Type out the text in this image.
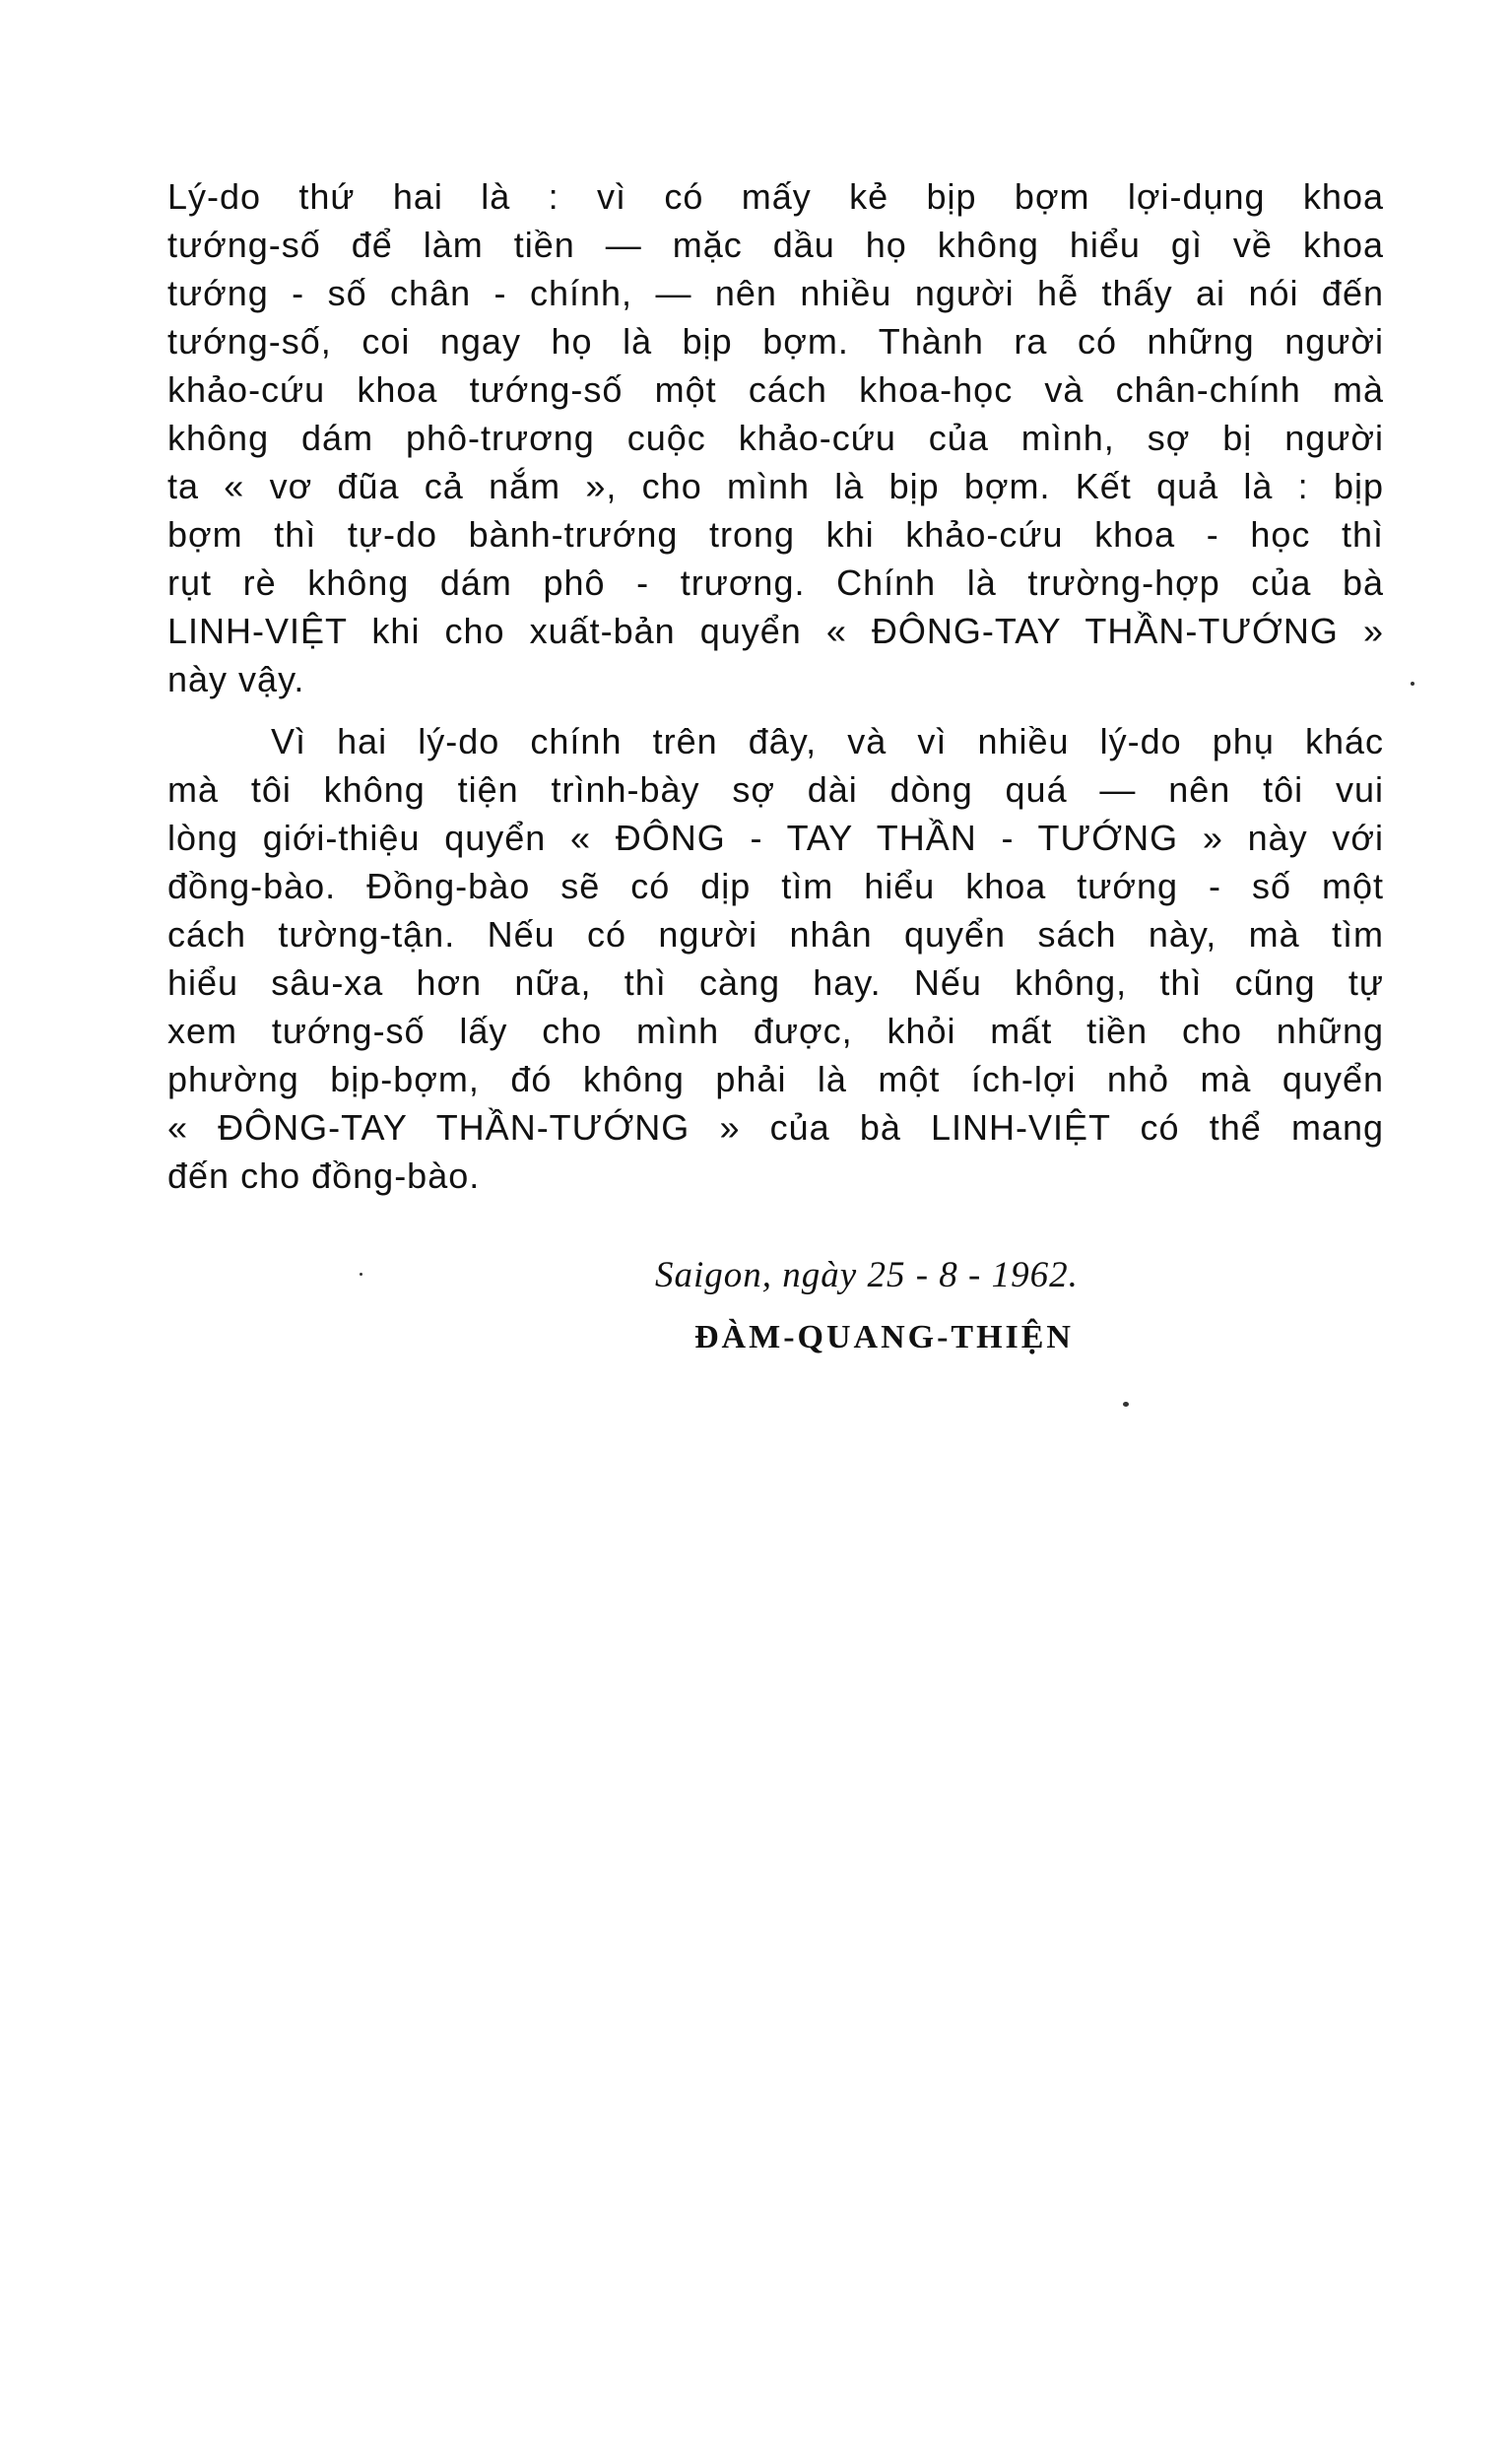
Lý-do thứ hai là : vì có mấy kẻ bịp bợm lợi-dụng khoa
tướng-số để làm tiền — mặc dầu họ không hiểu gì về khoa
tướng - số chân - chính, — nên nhiều người hễ thấy ai nói đến
tướng-số, coi ngay họ là bịp bợm. Thành ra có những người
khảo-cứu khoa tướng-số một cách khoa-học và chân-chính mà
không dám phô-trương cuộc khảo-cứu của mình, sợ bị người
ta « vơ đũa cả nắm », cho mình là bịp bợm. Kết quả là : bịp
bợm thì tự-do bành-trướng trong khi khảo-cứu khoa - học thì
rụt rè không dám phô - trương. Chính là trường-hợp của bà
LINH-VIỆT khi cho xuất-bản quyển « ĐÔNG-TAY THẦN-TƯỚNG »
này vậy.
Vì hai lý-do chính trên đây, và vì nhiều lý-do phụ khác
mà tôi không tiện trình-bày sợ dài dòng quá — nên tôi vui
lòng giới-thiệu quyển « ĐÔNG - TAY THẦN - TƯỚNG » này với
đồng-bào. Đồng-bào sẽ có dịp tìm hiểu khoa tướng - số một
cách tường-tận. Nếu có người nhân quyển sách này, mà tìm
hiểu sâu-xa hơn nữa, thì càng hay. Nếu không, thì cũng tự
xem tướng-số lấy cho mình được, khỏi mất tiền cho những
phường bịp-bợm, đó không phải là một ích-lợi nhỏ mà quyển
« ĐÔNG-TAY THẦN-TƯỚNG » của bà LINH-VIỆT có thể mang
đến cho đồng-bào.
Saigon, ngày 25 - 8 - 1962.
ĐÀM-QUANG-THIỆN
